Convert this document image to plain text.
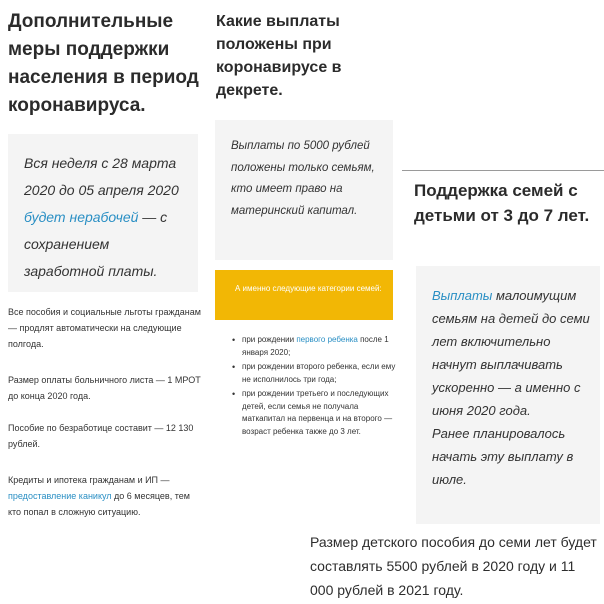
Дополнительные меры поддержки населения в период коронавируса.

Вся неделя с 28 марта 2020 до 05 апреля 2020 будет нерабочей — с сохранением заработной платы.

Все пособия и социальные льготы гражданам — продлят автоматически на следующие полгода.

Размер оплаты больничного листа — 1 МРОТ до конца 2020 года.

Пособие по безработице составит — 12 130 рублей.

Кредиты и ипотека гражданам и ИП — предоставление каникул до 6 месяцев, тем кто попал в сложную ситуацию.

Какие выплаты положены при коронавирусе в декрете.

Выплаты по 5000 рублей положены только семьям, кто имеет право на материнский капитал.

А именно следующие категории семей:

• при рождении первого ребенка после 1 января 2020;
• при рождении второго ребенка, если ему не исполнилось три года;
• при рождении третьего и последующих детей, если семья не получала маткапитал на первенца и на второго — возраст ребенка также до 3 лет.
Поддержка семей с детьми от 3 до 7 лет.

Выплаты малоимущим семьям на детей до семи лет включительно начнут выплачивать ускоренно — а именно с июня 2020 года.

Ранее планировалось начать эту выплату в июле.

Размер детского пособия до семи лет будет составлять 5500 рублей в 2020 году и 11 000 рублей в 2021 году.
